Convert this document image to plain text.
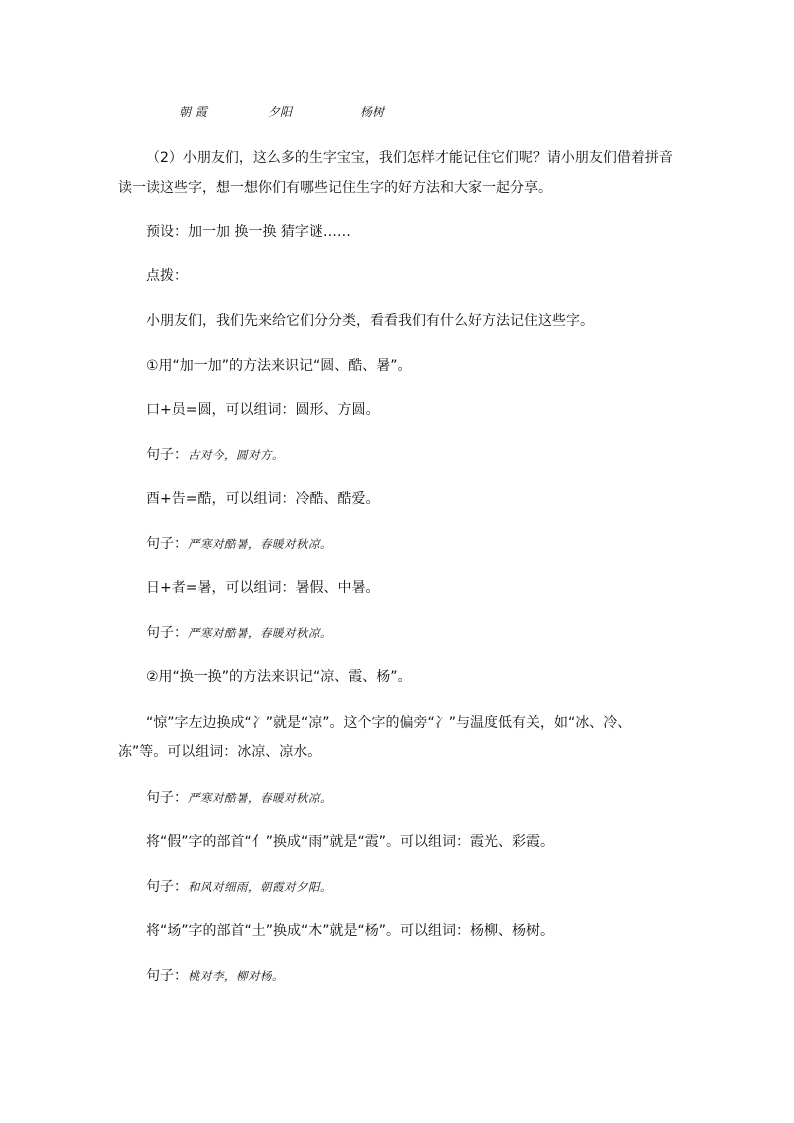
朝 霞	夕阳	杨树
（2）小朋友们，这么多的生字宝宝，我们怎样才能记住它们呢？请小朋友们借着拼音
读一读这些字，想一想你们有哪些记住生字的好方法和大家一起分享。
预设：加一加 换一换 猜字谜……
点拨：
小朋友们，我们先来给它们分分类，看看我们有什么好方法记住这些字。
①用“加一加”的方法来识记“圆、酷、暑”。
口+员=圆，可以组词：圆形、方圆。
句子：古对今，圆对方。
酉+告=酷，可以组词：冷酷、酷爱。
句子：严寒对酷暑，春暖对秋凉。
日+者=暑，可以组词：暑假、中暑。
句子：严寒对酷暑，春暖对秋凉。
②用“换一换”的方法来识记“凉、霞、杨”。
“惊”字左边换成“冫”就是“凉”。这个字的偏旁“冫”与温度低有关，如“冰、冷、
冻”等。可以组词：冰凉、凉水。
句子：严寒对酷暑，春暖对秋凉。
将“假”字的部首“亻”换成“雨”就是“霞”。可以组词：霞光、彩霞。
句子：和风对细雨，朝霞对夕阳。
将“场”字的部首“土”换成“木”就是“杨”。可以组词：杨柳、杨树。
句子：桃对李，柳对杨。
